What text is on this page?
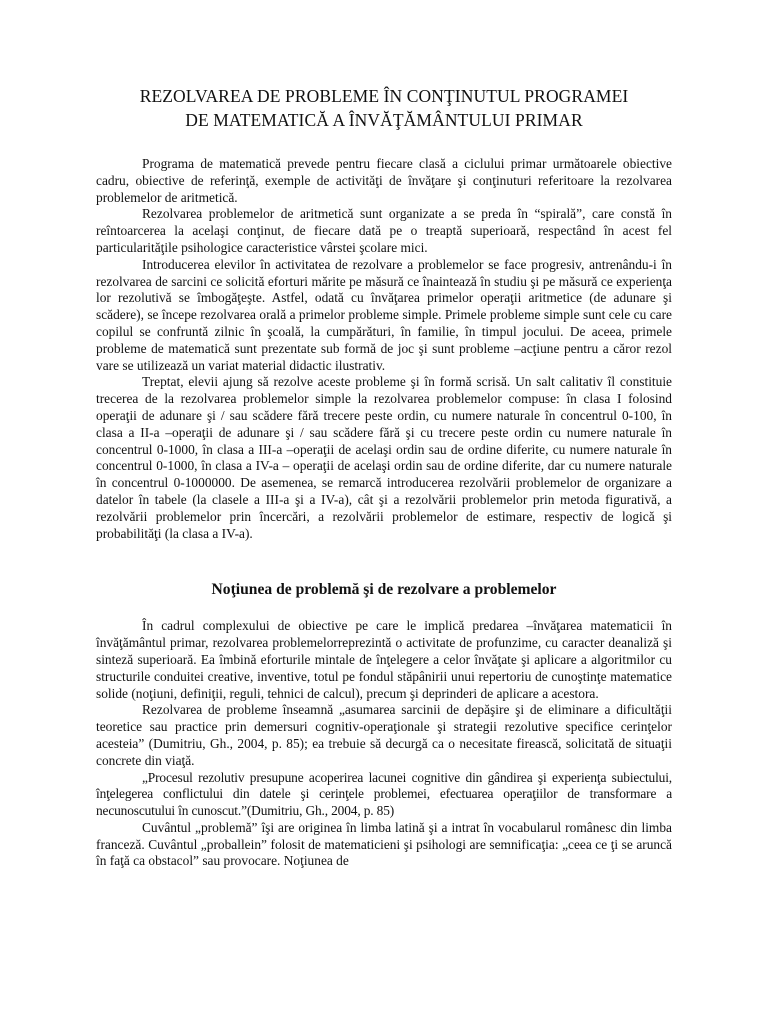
REZOLVAREA DE PROBLEME ÎN CONŢINUTUL PROGRAMEI
DE MATEMATICĂ A ÎNVĂŢĂMÂNTULUI PRIMAR

Programa de matematică prevede pentru fiecare clasă a ciclului primar următoarele obiective cadru, obiective de referinţă, exemple de activităţi de învăţare şi conţinuturi referitoare la rezolvarea problemelor de aritmetică.

Rezolvarea problemelor de aritmetică sunt organizate a se preda în “spirală”, care constă în reîntoarcerea la acelaşi conţinut, de fiecare dată pe o treaptă superioară, respectând în acest fel particularităţile psihologice caracteristice vârstei şcolare mici.

Introducerea elevilor în activitatea de rezolvare a problemelor se face progresiv, antrenându-i în rezolvarea de sarcini ce solicită eforturi mărite pe măsură ce înaintează în studiu şi pe măsură ce experienţa lor rezolutivă se îmbogăţeşte. Astfel, odată cu învăţarea primelor operaţii aritmetice (de adunare şi scădere), se începe rezolvarea orală a primelor probleme simple. Primele probleme simple sunt cele cu care copilul se confruntă zilnic în şcoală, la cumpărături, în familie, în timpul jocului. De aceea, primele probleme de matematică sunt prezentate sub formă de joc şi sunt probleme –acţiune pentru a căror rezol vare se utilizează un variat material didactic ilustrativ.

Treptat, elevii ajung să rezolve aceste probleme şi în formă scrisă. Un salt calitativ îl constituie trecerea de la rezolvarea problemelor simple la rezolvarea problemelor compuse: în clasa I folosind operaţii de adunare şi / sau scădere fără trecere peste ordin, cu numere naturale în concentrul 0-100, în clasa a II-a –operaţii de adunare şi / sau scădere fără şi cu trecere peste ordin cu numere naturale în concentrul 0-1000, în clasa a III-a –operaţii de acelaşi ordin sau de ordine diferite, cu numere naturale în concentrul 0-1000, în clasa a IV-a – operaţii de acelaşi ordin sau de ordine diferite, dar cu numere naturale în concentrul 0-1000000. De asemenea, se remarcă introducerea rezolvării problemelor de organizare a datelor în tabele (la clasele a III-a şi a IV-a), cât şi a rezolvării problemelor prin metoda figurativă, a rezolvării problemelor prin încercări, a rezolvării problemelor de estimare, respectiv de logică şi probabilităţi (la clasa a IV-a).

Noţiunea de problemă şi de rezolvare a problemelor

În cadrul complexului de obiective pe care le implică predarea –învăţarea matematicii în învăţământul primar, rezolvarea problemelorreprezintă o activitate de profunzime, cu caracter deanaliză şi sinteză superioară. Ea îmbină eforturile mintale de înţelegere a celor învăţate şi aplicare a algoritmilor cu structurile conduitei creative, inventive, totul pe fondul stăpânirii unui repertoriu de cunoştinţe matematice solide (noţiuni, definiţii, reguli, tehnici de calcul), precum şi deprinderi de aplicare a acestora.

Rezolvarea de probleme înseamnă „asumarea sarcinii de depăşire şi de eliminare a dificultăţii teoretice sau practice prin demersuri cognitiv-operaţionale şi strategii rezolutive specifice cerinţelor acesteia” (Dumitriu, Gh., 2004, p. 85); ea trebuie să decurgă ca o necesitate firească, solicitată de situaţii concrete din viaţă.

„Procesul rezolutiv presupune acoperirea lacunei cognitive din gândirea şi experienţa subiectului, înţelegerea conflictului din datele şi cerinţele problemei, efectuarea operaţiilor de transformare a necunoscutului în cunoscut.”(Dumitriu, Gh., 2004, p. 85)

Cuvântul „problemă” îşi are originea în limba latină şi a intrat în vocabularul românesc din limba franceză. Cuvântul „proballein” folosit de matematicieni şi psihologi are semnificaţia: „ceea ce ţi se aruncă în faţă ca obstacol” sau provocare. Noţiunea de
